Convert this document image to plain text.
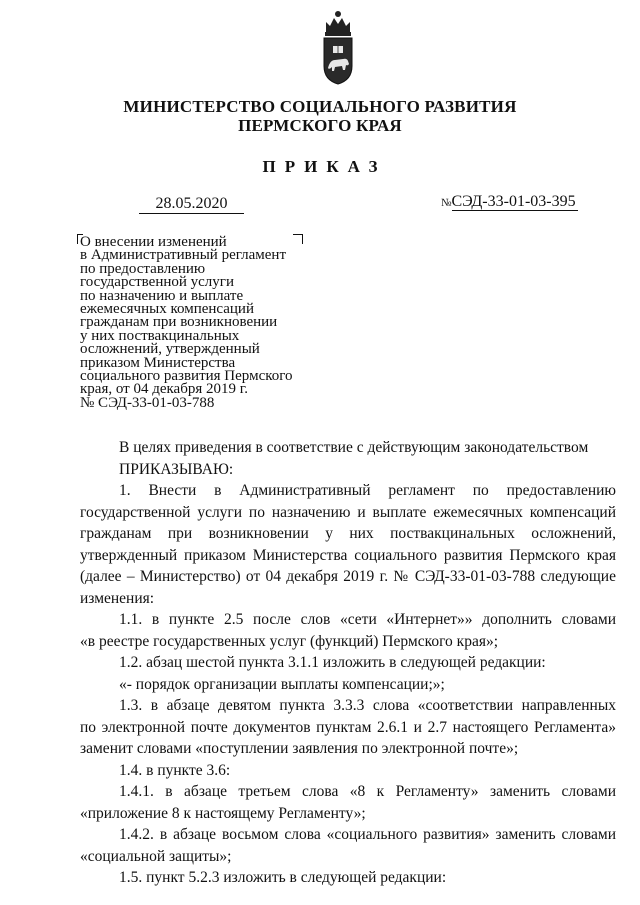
МИНИСТЕРСТВО СОЦИАЛЬНОГО РАЗВИТИЯ
ПЕРМСКОГО КРАЯ
ПРИКАЗ
28.05.2020	№СЭД-33-01-03-395
О внесении изменений
в Административный регламент
по предоставлению
государственной услуги
по назначению и выплате
ежемесячных компенсаций
гражданам при возникновении
у них поствакцинальных
осложнений, утвержденный
приказом Министерства
социального развития Пермского
края, от 04 декабря 2019 г.
№ СЭД-33-01-03-788
В целях приведения в соответствие с действующим законодательством
ПРИКАЗЫВАЮ:
1. Внести в Административный регламент по предоставлению
государственной услуги по назначению и выплате ежемесячных компенсаций
гражданам при возникновении у них поствакцинальных осложнений,
утвержденный приказом Министерства социального развития Пермского края
(далее – Министерство) от 04 декабря 2019 г. № СЭД-33-01-03-788 следующие
изменения:
1.1. в пункте 2.5 после слов «сети «Интернет»» дополнить словами
«в реестре государственных услуг (функций) Пермского края»;
1.2. абзац шестой пункта 3.1.1 изложить в следующей редакции:
«- порядок организации выплаты компенсации;»;
1.3. в абзаце девятом пункта 3.3.3 слова «соответствии направленных
по электронной почте документов пунктам 2.6.1 и 2.7 настоящего Регламента»
заменит словами «поступлении заявления по электронной почте»;
1.4. в пункте 3.6:
1.4.1. в абзаце третьем слова «8 к Регламенту» заменить словами
«приложение 8 к настоящему Регламенту»;
1.4.2. в абзаце восьмом слова «социального развития» заменить словами
«социальной защиты»;
1.5. пункт 5.2.3 изложить в следующей редакции:
